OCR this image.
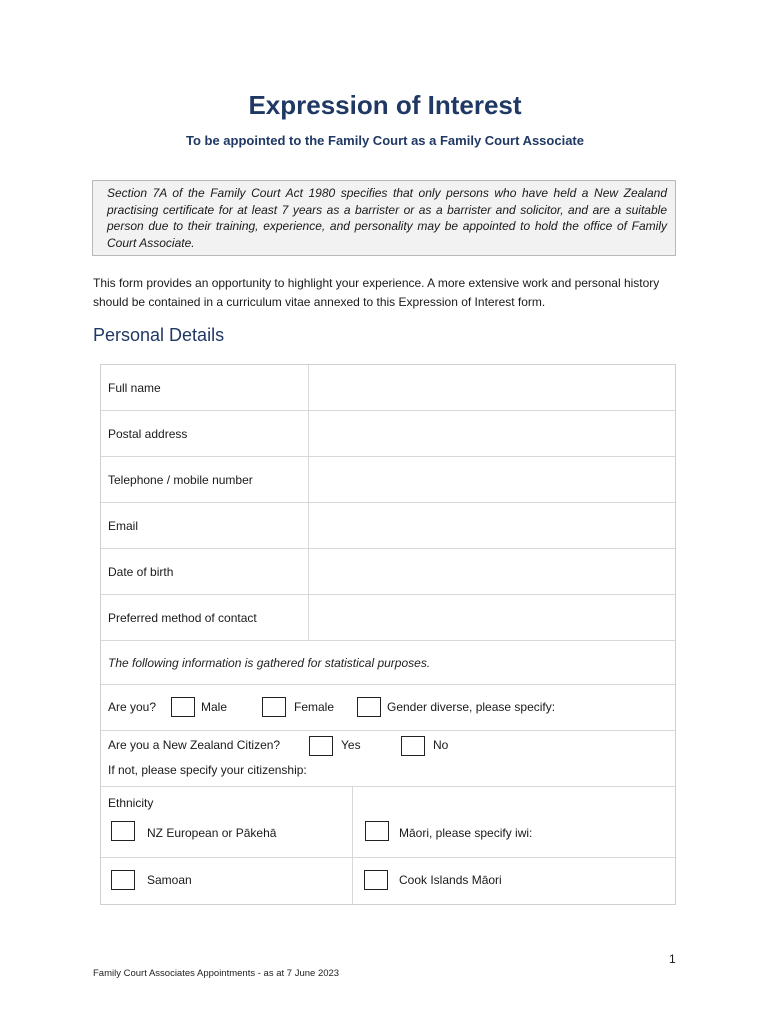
Expression of Interest
To be appointed to the Family Court as a Family Court Associate
Section 7A of the Family Court Act 1980 specifies that only persons who have held a New Zealand practising certificate for at least 7 years as a barrister or as a barrister and solicitor, and are a suitable person due to their training, experience, and personality may be appointed to hold the office of Family Court Associate.
This form provides an opportunity to highlight your experience. A more extensive work and personal history should be contained in a curriculum vitae annexed to this Expression of Interest form.
Personal Details
Full name
Postal address
Telephone / mobile number
Email
Date of birth
Preferred method of contact
The following information is gathered for statistical purposes.
Are you?	Male	Female	Gender diverse, please specify:
Are you a New Zealand Citizen?	Yes	No
If not, please specify your citizenship:
Ethnicity
NZ European or Pākehā	Māori, please specify iwi:
Samoan	Cook Islands Māori
1
Family Court Associates Appointments - as at 7 June 2023
